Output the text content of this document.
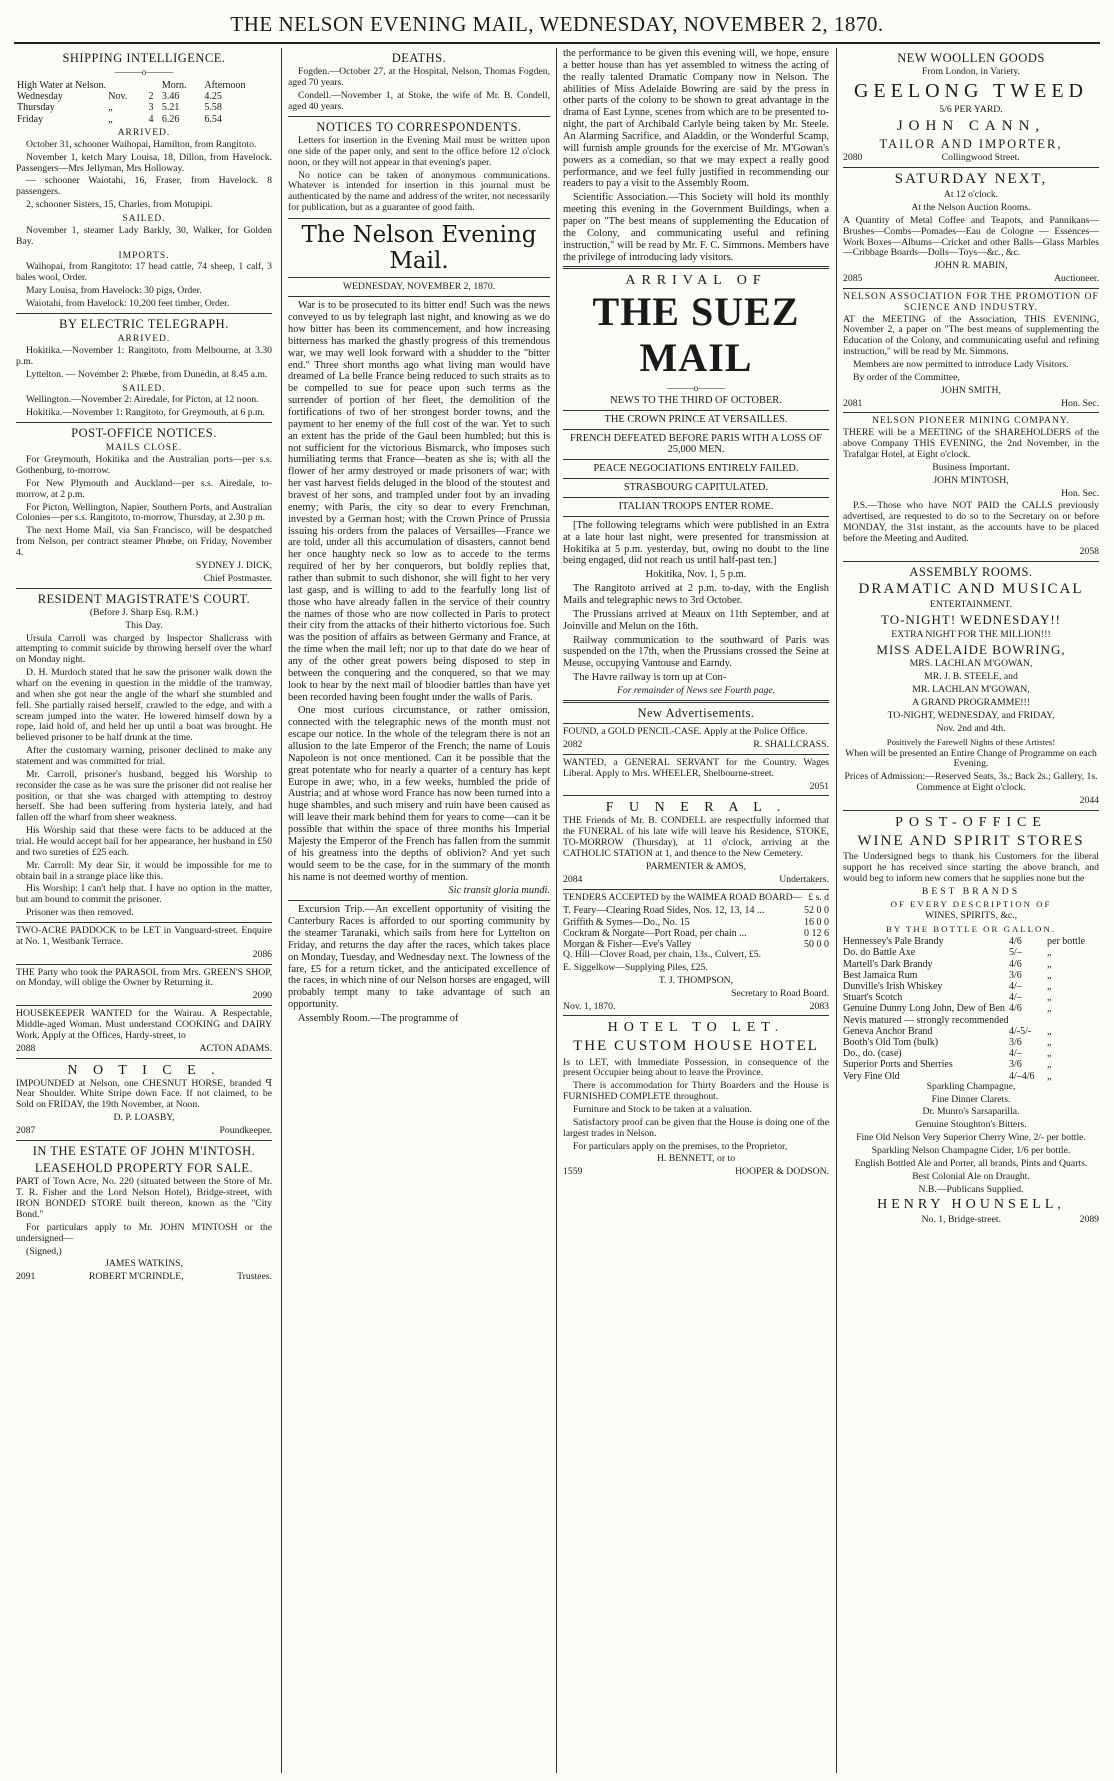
THE NELSON EVENING MAIL, WEDNESDAY, NOVEMBER 2, 1870.
SHIPPING INTELLIGENCE.
———o———
High Water at Nelson.			Morn.	Afternoon
Wednesday	Nov.	2	3.46	4.25
Thursday	„	3	5.21	5.58
Friday	„	4	6.26	6.54
ARRIVED.

October 31, schooner Waihopai, Hamilton, from Rangitoto.

November 1, ketch Mary Louisa, 18, Dillon, from Havelock. Passengers—Mrs Jellyman, Mrs Holloway.

— schooner Waiotahi, 16, Fraser, from Havelock. 8 passengers.

2, schooner Sisters, 15, Charles, from Motupipi.

SAILED.

November 1, steamer Lady Barkly, 30, Walker, for Golden Bay.

IMPORTS.

Waihopai, from Rangitoto: 17 head cattle, 74 sheep, 1 calf, 3 bales wool, Order.

Mary Louisa, from Havelock: 30 pigs, Order.

Waiotahi, from Havelock: 10,200 feet timber, Order.

BY ELECTRIC TELEGRAPH.
ARRIVED.

Hokitika.—November 1: Rangitoto, from Melbourne, at 3.30 p.m.

Lyttelton. — November 2: Phœbe, from Dunedin, at 8.45 a.m.

SAILED.

Wellington.—November 2: Airedale, for Picton, at 12 noon.

Hokitika.—November 1: Rangitoto, for Greymouth, at 6 p.m.

POST-OFFICE NOTICES.
MAILS CLOSE.

For Greymouth, Hokitika and the Australian ports—per s.s. Gothenburg, to-morrow.

For New Plymouth and Auckland—per s.s. Airedale, to-morrow, at 2 p.m.

For Picton, Wellington, Napier, Southern Ports, and Australian Colonies—per s.s. Rangitoto, to-morrow, Thursday, at 2.30 p m.

The next Home Mail, via San Francisco, will be despatched from Nelson, per contract steamer Phœbe, on Friday, November 4.

SYDNEY J. DICK,

Chief Postmaster.

RESIDENT MAGISTRATE'S COURT.

(Before J. Sharp Esq. R.M.)

This Day.

Ursula Carroll was charged by Inspector Shallcrass with attempting to commit suicide by throwing herself over the wharf on Monday night.

D. H. Murdoch stated that he saw the prisoner walk down the wharf on the evening in question in the middle of the tramway, and when she got near the angle of the wharf she stumbled and fell. She partially raised herself, crawled to the edge, and with a scream jumped into the water. He lowered himself down by a rope, laid hold of, and held her up until a boat was brought. He believed prisoner to be half drunk at the time.

After the customary warning, prisoner declined to make any statement and was committed for trial.

Mr. Carroll, prisoner's husband, begged his Worship to reconsider the case as he was sure the prisoner did not realise her position, or that she was charged with attempting to destroy herself. She had been suffering from hysteria lately, and had fallen off the wharf from sheer weakness.

His Worship said that these were facts to be adduced at the trial. He would accept bail for her appearance, her husband in £50 and two sureties of £25 each.

Mr. Carroll: My dear Sir, it would be impossible for me to obtain bail in a strange place like this.

His Worship: I can't help that. I have no option in the matter, but am bound to commit the prisoner.

Prisoner was then removed.

TWO-ACRE PADDOCK to be LET in Vanguard-street. Enquire at No. 1, Westbank Terrace.

2086

THE Party who took the PARASOL from Mrs. GREEN'S SHOP, on Monday, will oblige the Owner by Returning it.

2090

HOUSEKEEPER WANTED for the Wairau. A Respectable, Middle-aged Woman. Must understand COOKING and DAIRY Work. Apply at the Offices, Hardy-street, to

2088	ACTON ADAMS.

N O T I C E .

IMPOUNDED at Nelson, one CHESNUT HORSE, branded ꟼ Near Shoulder. White Stripe down Face. If not claimed, to be Sold on FRIDAY, the 19th November, at Noon.

D. P. LOASBY,

2087	Poundkeeper.

IN THE ESTATE OF JOHN M'INTOSH.
LEASEHOLD PROPERTY FOR SALE.

PART of Town Acre, No. 220 (situated between the Store of Mr. T. R. Fisher and the Lord Nelson Hotel), Bridge-street, with IRON BONDED STORE built thereon, known as the "City Bond."

For particulars apply to Mr. JOHN M'INTOSH or the undersigned—

(Signed,)

JAMES WATKINS,

2091	ROBERT M'CRINDLE,	Trustees.

DEATHS.

Fogden.—October 27, at the Hospital, Nelson, Thomas Fogden, aged 70 years.

Condell.—November 1, at Stoke, the wife of Mr. B. Condell, aged 40 years.

NOTICES TO CORRESPONDENTS.

Letters for insertion in the Evening Mail must be written upon one side of the paper only, and sent to the office before 12 o'clock noon, or they will not appear in that evening's paper.

No notice can be taken of anonymous communications. Whatever is intended for insertion in this journal must be authenticated by the name and address of the writer, not necessarily for publication, but as a guarantee of good faith.

The Nelson Evening Mail.

WEDNESDAY, NOVEMBER 2, 1870.

War is to be prosecuted to its bitter end! Such was the news conveyed to us by telegraph last night, and knowing as we do how bitter has been its commencement, and how increasing bitterness has marked the ghastly progress of this tremendous war, we may well look forward with a shudder to the "bitter end." Three short months ago what living man would have dreamed of La belle France being reduced to such straits as to be compelled to sue for peace upon such terms as the surrender of portion of her fleet, the demolition of the fortifications of two of her strongest border towns, and the payment to her enemy of the full cost of the war. Yet to such an extent has the pride of the Gaul been humbled; but this is not sufficient for the victorious Bismarck, who imposes such humiliating terms that France—beaten as she is; with all the flower of her army destroyed or made prisoners of war; with her vast harvest fields deluged in the blood of the stoutest and bravest of her sons, and trampled under foot by an invading enemy; with Paris, the city so dear to every Frenchman, invested by a German host; with the Crown Prince of Prussia issuing his orders from the palaces of Versailles—France we are told, under all this accumulation of disasters, cannot bend her once haughty neck so low as to accede to the terms required of her by her conquerors, but boldly replies that, rather than submit to such dishonor, she will fight to her very last gasp, and is willing to add to the fearfully long list of those who have already fallen in the service of their country the names of those who are now collected in Paris to protect their city from the attacks of their hitherto victorious foe. Such was the position of affairs as between Germany and France, at the time when the mail left; nor up to that date do we hear of any of the other great powers being disposed to step in between the conquering and the conquered, so that we may look to hear by the next mail of bloodier battles than have yet been recorded having been fought under the walls of Paris.

One most curious circumstance, or rather omission, connected with the telegraphic news of the month must not escape our notice. In the whole of the telegram there is not an allusion to the late Emperor of the French; the name of Louis Napoleon is not once mentioned. Can it be possible that the great potentate who for nearly a quarter of a century has kept Europe in awe; who, in a few weeks, humbled the pride of Austria; and at whose word France has now been turned into a huge shambles, and such misery and ruin have been caused as will leave their mark behind them for years to come—can it be possible that within the space of three months his Imperial Majesty the Emperor of the French has fallen from the summit of his greatness into the depths of oblivion? And yet such would seem to be the case, for in the summary of the month his name is not deemed worthy of mention.

Sic transit gloria mundi.

Excursion Trip.—An excellent opportunity of visiting the Canterbury Races is afforded to our sporting community by the steamer Taranaki, which sails from here for Lyttelton on Friday, and returns the day after the races, which takes place on Monday, Tuesday, and Wednesday next. The lowness of the fare, £5 for a return ticket, and the anticipated excellence of the races, in which nine of our Nelson horses are engaged, will probably tempt many to take advantage of such an opportunity.

Assembly Room.—The programme of

the performance to be given this evening will, we hope, ensure a better house than has yet assembled to witness the acting of the really talented Dramatic Company now in Nelson. The abilities of Miss Adelaide Bowring are said by the press in other parts of the colony to be shown to great advantage in the drama of East Lynne, scenes from which are to be presented to-night, the part of Archibald Carlyle being taken by Mr. Steele. An Alarming Sacrifice, and Aladdin, or the Wonderful Scamp, will furnish ample grounds for the exercise of Mr. M'Gowan's powers as a comedian, so that we may expect a really good performance, and we feel fully justified in recommending our readers to pay a visit to the Assembly Room.

Scientific Association.—This Society will hold its monthly meeting this evening in the Government Buildings, when a paper on "The best means of supplementing the Education of the Colony, and communicating useful and refining instruction," will be read by Mr. F. C. Simmons. Members have the privilege of introducing lady visitors.

ARRIVAL OF
THE SUEZ MAIL
———o———

NEWS TO THE THIRD OF OCTOBER.

THE CROWN PRINCE AT VERSAILLES.

FRENCH DEFEATED BEFORE PARIS WITH A LOSS OF 25,000 MEN.

PEACE NEGOCIATIONS ENTIRELY FAILED.

STRASBOURG CAPITULATED.

ITALIAN TROOPS ENTER ROME.

[The following telegrams which were published in an Extra at a late hour last night, were presented for transmission at Hokitika at 5 p.m. yesterday, but, owing no doubt to the line being engaged, did not reach us until half-past ten.]

Hokitika, Nov. 1, 5 p.m.

The Rangitoto arrived at 2 p.m. to-day, with the English Mails and telegraphic news to 3rd October.

The Prussians arrived at Meaux on 11th September, and at Joinville and Melun on the 16th.

Railway communication to the southward of Paris was suspended on the 17th, when the Prussians crossed the Seine at Meuse, occupying Vantouse and Earndy.

The Havre railway is torn up at Con-

For remainder of News see Fourth page.

New Advertisements.

FOUND, a GOLD PENCIL-CASE. Apply at the Police Office.

2082	R. SHALLCRASS.

WANTED, a GENERAL SERVANT for the Country. Wages Liberal. Apply to Mrs. WHEELER, Shelbourne-street.

2051

F U N E R A L .

THE Friends of Mr. B. CONDELL are respectfully informed that the FUNERAL of his late wife will leave his Residence, STOKE, TO-MORROW (Thursday), at 11 o'clock, arriving at the CATHOLIC STATION at 1, and thence to the New Cemetery.

PARMENTER & AMOS,

2084	Undertakers.

TENDERS ACCEPTED by the WAIMEA ROAD BOARD— £ s. d

T. Feary—Clearing Road Sides, Nos. 12, 13, 14 ...	52 0 0
Griffith & Symes—Do., No. 15	16 0 0
Cockram & Norgate—Port Road, per chain ...	0 12 6
Morgan & Fisher—Eve's Valley	50 0 0

Q. Hill—Clover Road, per chain, 13s., Culvert, £5.

E. Siggelkow—Supplying Piles, £25.

T. J. THOMPSON,

Secretary to Road Board.

Nov. 1, 1870.	2083

HOTEL TO LET.
THE CUSTOM HOUSE HOTEL

Is to LET, with Immediate Possession, in consequence of the present Occupier being about to leave the Province.

There is accommodation for Thirty Boarders and the House is FURNISHED COMPLETE throughout.

Furniture and Stock to be taken at a valuation.

Satisfactory proof can be given that the House is doing one of the largest trades in Nelson.

For particulars apply on the premises, to the Proprietor,

H. BENNETT, or to

1559	HOOPER & DODSON.

NEW WOOLLEN GOODS

From London, in Variety.

GEELONG TWEED

5/6 PER YARD.

JOHN CANN,
TAILOR AND IMPORTER,

2080	Collingwood Street.

SATURDAY NEXT,

At 12 o'clock.

At the Nelson Auction Rooms.

A Quantity of Metal Coffee and Teapots, and Pannikans—Brushes—Combs—Pomades—Eau de Cologne — Essences—Work Boxes—Albums—Cricket and other Balls—Glass Marbles—Cribbage Boards—Dolls—Toys—&c., &c.

JOHN R. MABIN,

2085	Auctioneer.

NELSON ASSOCIATION FOR THE PROMOTION OF SCIENCE AND INDUSTRY.

AT the MEETING of the Association, THIS EVENING, November 2, a paper on "The best means of supplementing the Education of the Colony, and communicating useful and refining instruction," will be read by Mr. Simmons.

Members are now permitted to introduce Lady Visitors.

By order of the Committee,

JOHN SMITH,

2081	Hon. Sec.

NELSON PIONEER MINING COMPANY.

THERE will be a MEETING of the SHAREHOLDERS of the above Company THIS EVENING, the 2nd November, in the Trafalgar Hotel, at Eight o'clock.

Business Important.

JOHN M'INTOSH,

Hon. Sec.

P.S.—Those who have NOT PAID the CALLS previously advertised, are requested to do so to the Secretary on or before MONDAY, the 31st instant, as the accounts have to be placed before the Meeting and Audited.

2058

ASSEMBLY ROOMS.
DRAMATIC AND MUSICAL

ENTERTAINMENT.

TO-NIGHT! WEDNESDAY!!

EXTRA NIGHT FOR THE MILLION!!!

MISS ADELAIDE BOWRING,

MRS. LACHLAN M'GOWAN,

MR. J. B. STEELE, and

MR. LACHLAN M'GOWAN,

A GRAND PROGRAMME!!!

TO-NIGHT, WEDNESDAY, and FRIDAY,

Nov. 2nd and 4th.

Positively the Farewell Nights of these Artistes!

When will be presented an Entire Change of Programme on each Evening.

Prices of Admission:—Reserved Seats, 3s.; Back 2s.; Gallery, 1s. Commence at Eight o'clock.

2044

POST-OFFICE
WINE AND SPIRIT STORES

The Undersigned begs to thank his Customers for the liberal support he has received since starting the above branch, and would beg to inform new comers that he supplies none but the

BEST BRANDS

OF EVERY DESCRIPTION OF

WINES, SPIRITS, &c.,

BY THE BOTTLE OR GALLON.

Hennessey's Pale Brandy	4/6	per bottle
Do. do Battle Axe	5/–	„
Martell's Dark Brandy	4/6	„
Best Jamaica Rum	3/6	„
Dunville's Irish Whiskey	4/–	„
Stuart's Scotch	4/–	„
Genuine Dunny Long John, Dew of Ben Nevis matured — strongly recommended	4/6	„
Geneva Anchor Brand	4/-5/-	„
Booth's Old Tom (bulk)	3/6	„
Do., do. (case)	4/–	„
Superior Ports and Sherries	3/6	„
Very Fine Old	4/–4/6	„

Sparkling Champagne,

Fine Dinner Clarets.

Dr. Munro's Sarsaparilla.

Genuine Stoughton's Bitters.

Fine Old Nelson Very Superior Cherry Wine, 2/- per bottle.

Sparkling Nelson Champagne Cider, 1/6 per bottle.

English Bottled Ale and Porter, all brands, Pints and Quarts.

Best Colonial Ale on Draught.

N.B.—Publicans Supplied.

HENRY HOUNSELL,

No. 1, Bridge-street.	2089
